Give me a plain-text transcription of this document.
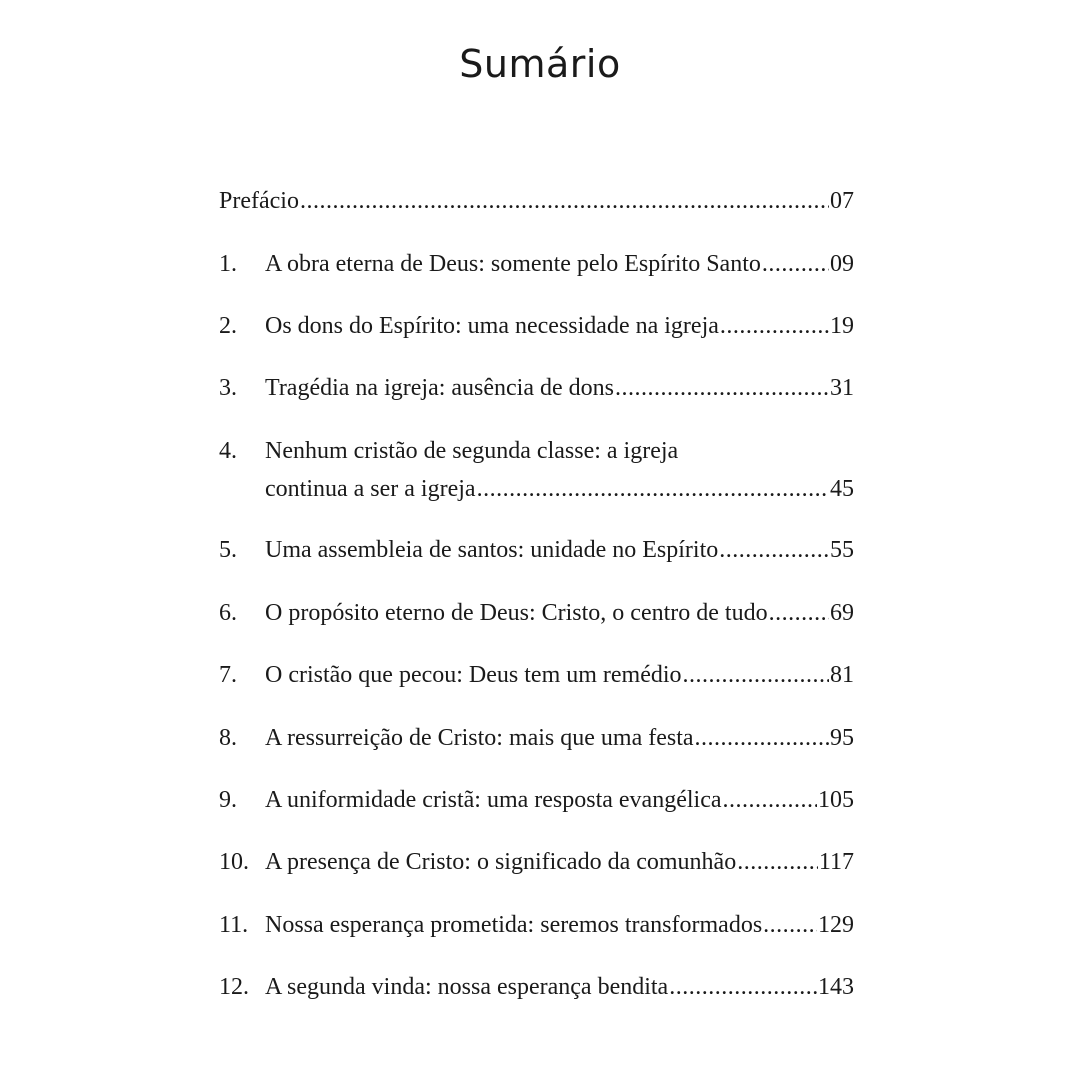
Sumário
Prefácio .....	07
1.	A obra eterna de Deus: somente pelo Espírito Santo .....	09
2.	Os dons do Espírito: uma necessidade na igreja .....	19
3.	Tragédia na igreja: ausência de dons .....	31
4.	Nenhum cristão de segunda classe: a igreja
continua a ser a igreja .....	45
5.	Uma assembleia de santos: unidade no Espírito .....	55
6.	O propósito eterno de Deus: Cristo, o centro de tudo .....	69
7.	O cristão que pecou: Deus tem um remédio .....	81
8.	A ressurreição de Cristo: mais que uma festa .....	95
9.	A uniformidade cristã: uma resposta evangélica .....	105
10. A presença de Cristo: o significado da comunhão .....	117
11. Nossa esperança prometida: seremos transformados ..... 129
12. A segunda vinda: nossa esperança bendita .....	143
